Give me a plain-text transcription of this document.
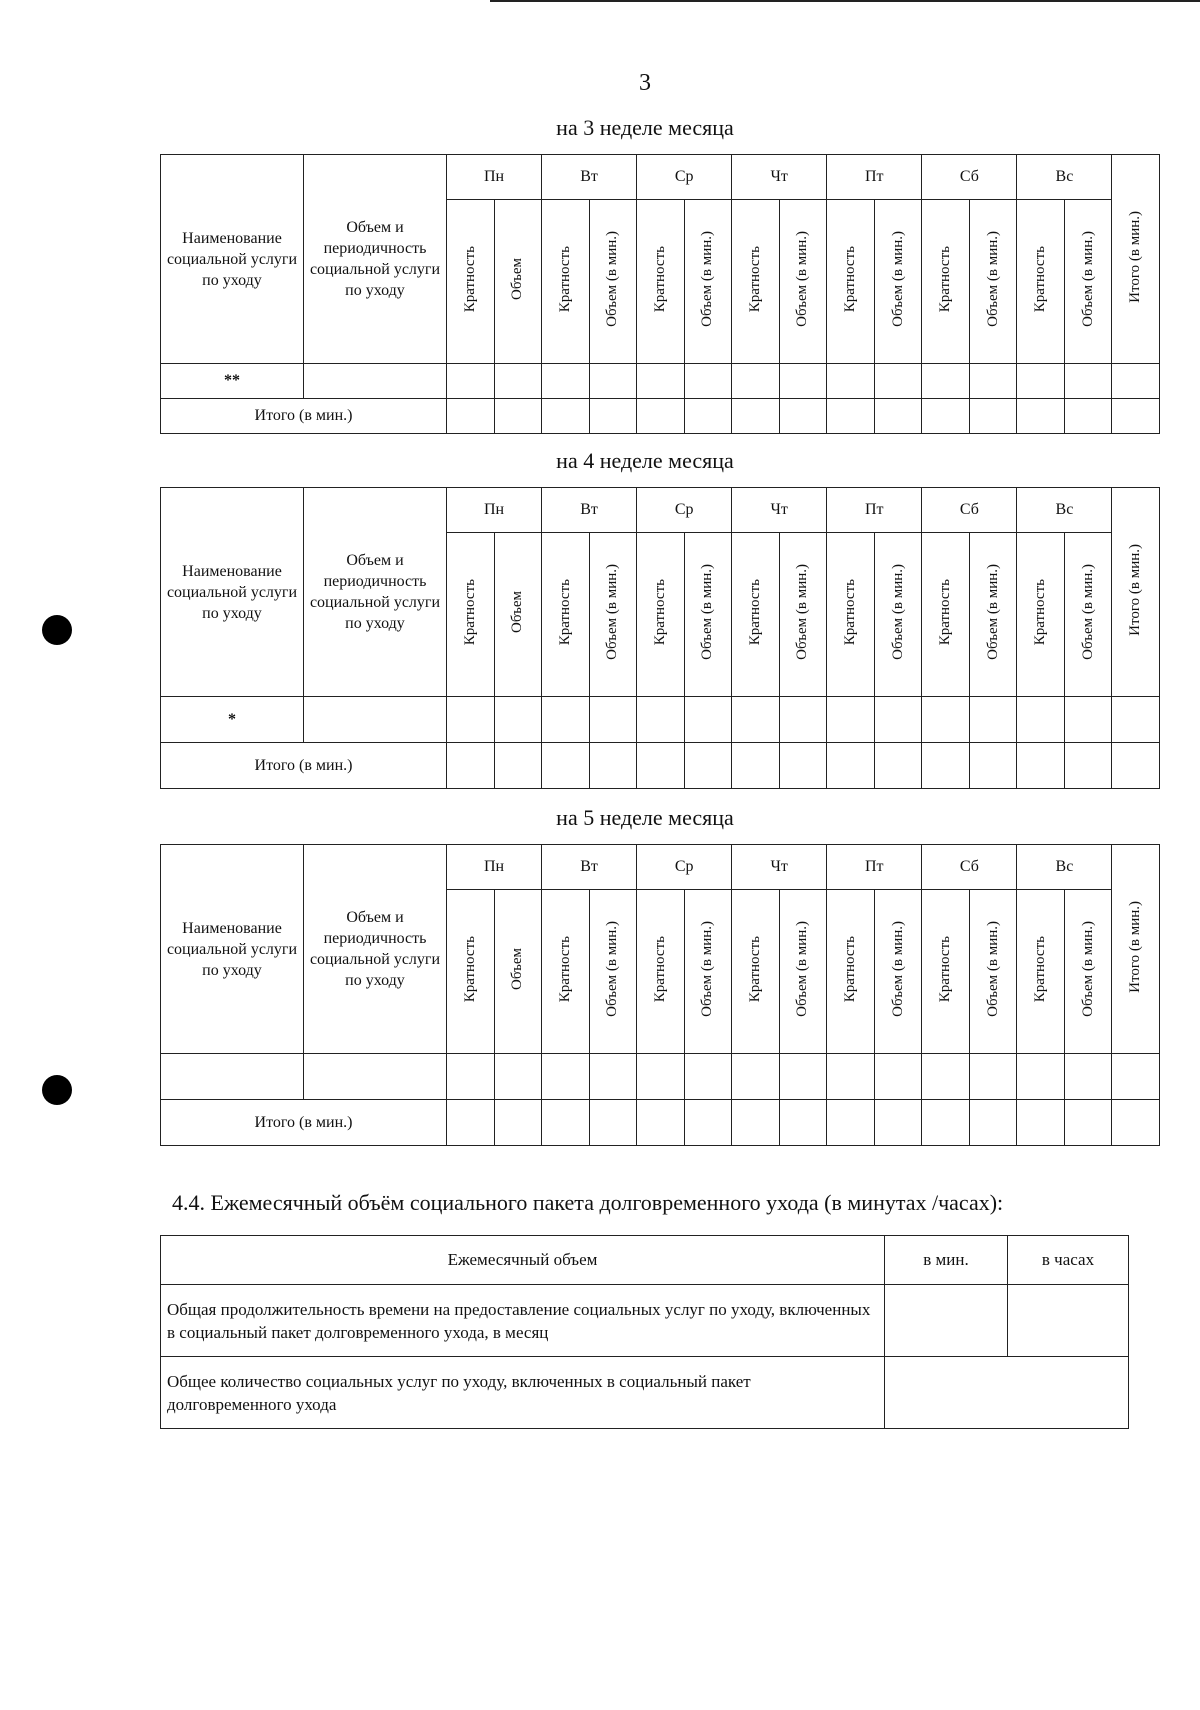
3
на 3 неделе месяца
на 4 неделе месяца
на 5 неделе месяца
Наименование социальной услуги по уходу	Объем и периодичность социальной услуги по уходу	Пн		Вт		Ср		Чт		Пт		Сб		Вс		Итого (в мин.)
		Кратность	Объем	Кратность	Объем (в мин.)	Кратность	Объем (в мин.)	Кратность	Объем (в мин.)	Кратность	Объем (в мин.)	Кратность	Объем (в мин.)	Кратность	Объем (в мин.)	
**																
Итого (в мин.)																
Наименование социальной услуги по уходу	Объем и периодичность социальной услуги по уходу	Пн		Вт		Ср		Чт		Пт		Сб		Вс		Итого (в мин.)
		Кратность	Объем	Кратность	Объем (в мин.)	Кратность	Объем (в мин.)	Кратность	Объем (в мин.)	Кратность	Объем (в мин.)	Кратность	Объем (в мин.)	Кратность	Объем (в мин.)	
*																
Итого (в мин.)																
Наименование социальной услуги по уходу	Объем и периодичность социальной услуги по уходу	Пн		Вт		Ср		Чт		Пт		Сб		Вс		Итого (в мин.)
		Кратность	Объем	Кратность	Объем (в мин.)	Кратность	Объем (в мин.)	Кратность	Объем (в мин.)	Кратность	Объем (в мин.)	Кратность	Объем (в мин.)	Кратность	Объем (в мин.)	

Итого (в мин.)																
4.4. Ежемесячный объём социального пакета долговременного ухода (в минутах /часах):
Ежемесячный объем	в мин.	в часах
Общая продолжительность времени на предоставление социальных услуг по уходу, включенных в социальный пакет долговременного ухода, в месяц		
Общее количество социальных услуг по уходу, включенных в социальный пакет долговременного ухода		
